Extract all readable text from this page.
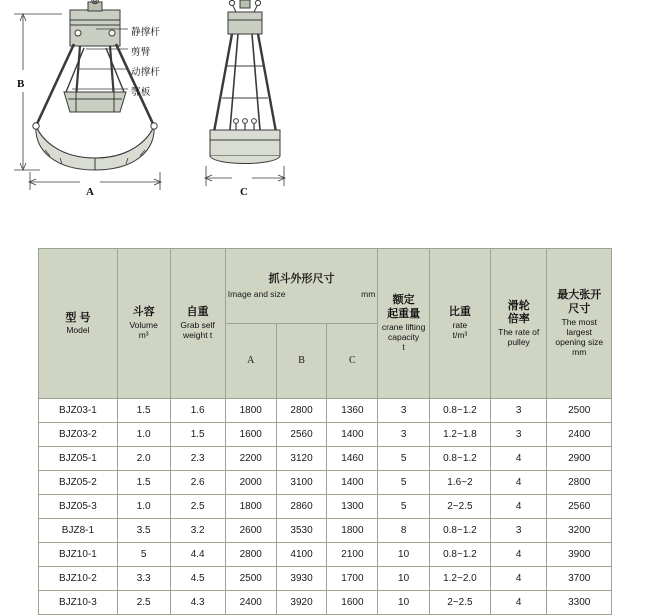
静撑杆
剪臂
动撑杆
鄂板
B
A	C
型 号
Model	斗容
Volume
m³	自重
Grab self
weight t	抓斗外形尺寸
Image and size mm			额定
起重量
crane lifting
capacity
t	比重
rate
t/m³	滑轮
倍率
The rate of
pulley	最大张开
尺寸
The most largest
opening size
mm

			A	B	C				
BJZ03-1	1.5	1.6	1800	2800	1360	3	0.8~1.2	3	2500
BJZ03-2	1.0	1.5	1600	2560	1400	3	1.2~1.8	3	2400
BJZ05-1	2.0	2.3	2200	3120	1460	5	0.8~1.2	4	2900
BJZ05-2	1.5	2.6	2000	3100	1400	5	1.6~2	4	2800
BJZ05-3	1.0	2.5	1800	2860	1300	5	2~2.5	4	2560
BJZ8-1	3.5	3.2	2600	3530	1800	8	0.8~1.2	3	3200
BJZ10-1	5	4.4	2800	4100	2100	10	0.8~1.2	4	3900
BJZ10-2	3.3	4.5	2500	3930	1700	10	1.2~2.0	4	3700
BJZ10-3	2.5	4.3	2400	3920	1600	10	2~2.5	4	3300
